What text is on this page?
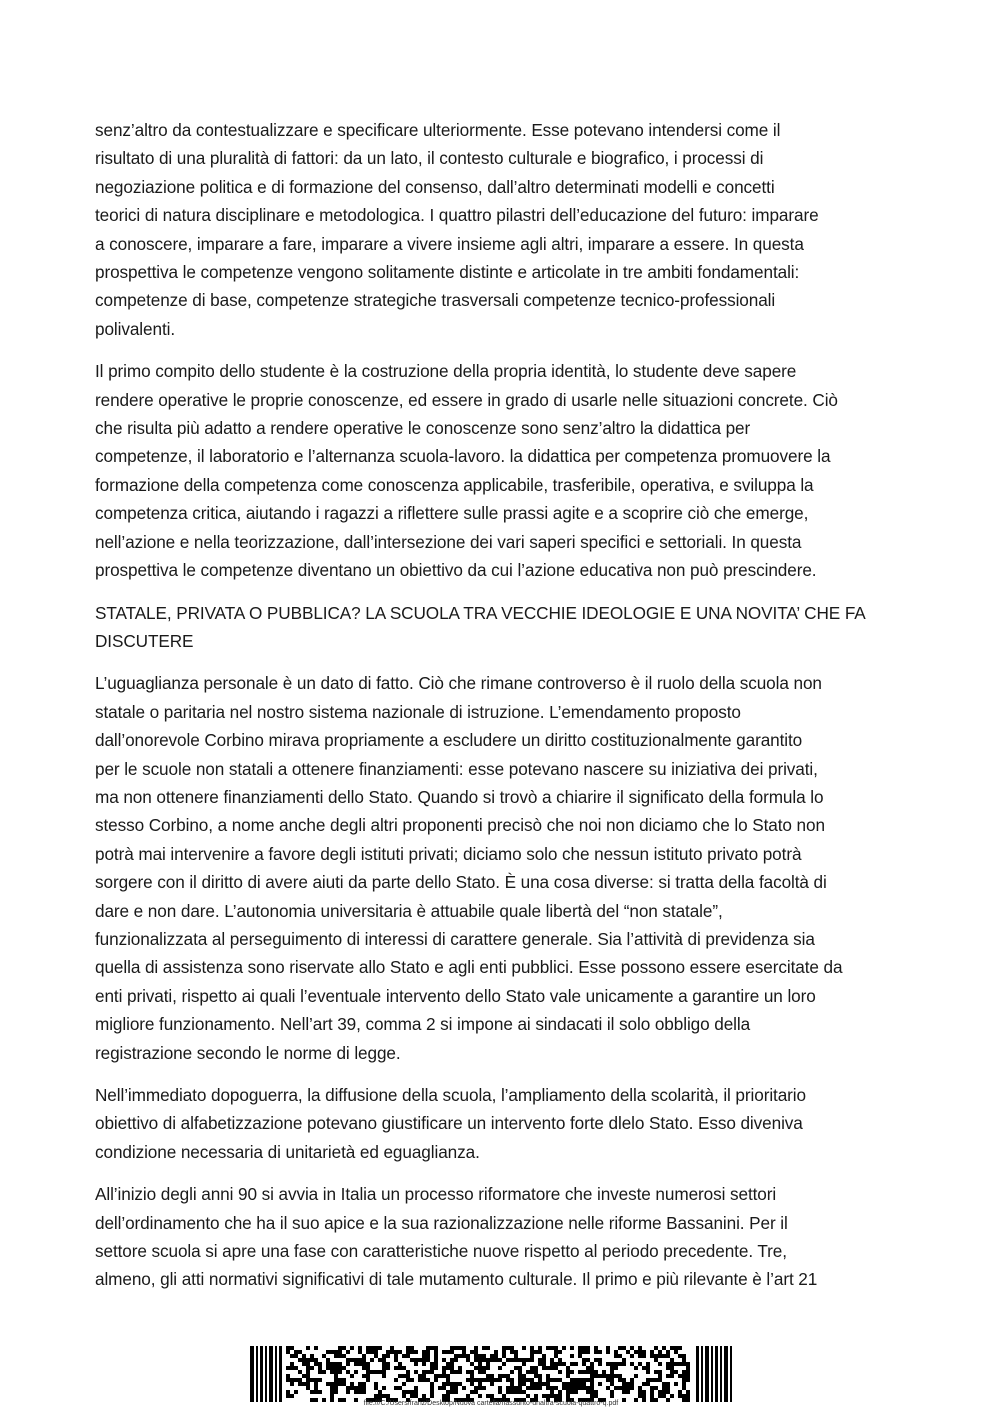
senz’altro da contestualizzare e specificare ulteriormente. Esse potevano intendersi come il
risultato di una pluralità di fattori: da un lato, il contesto culturale e biografico, i processi di
negoziazione politica e di formazione del consenso, dall’altro determinati modelli e concetti
teorici di natura disciplinare e metodologica. I quattro pilastri dell’educazione del futuro: imparare
a conoscere, imparare a fare, imparare a vivere insieme agli altri, imparare a essere. In questa
prospettiva le competenze vengono solitamente distinte e articolate in tre ambiti fondamentali:
competenze di base, competenze strategiche trasversali competenze tecnico-professionali
polivalenti.

Il primo compito dello studente è la costruzione della propria identità, lo studente deve sapere
rendere operative le proprie conoscenze, ed essere in grado di usarle nelle situazioni concrete. Ciò
che risulta più adatto a rendere operative le conoscenze sono senz’altro la didattica per
competenze, il laboratorio e l’alternanza scuola-lavoro. la didattica per competenza promuovere la
formazione della competenza come conoscenza applicabile, trasferibile, operativa, e sviluppa la
competenza critica, aiutando i ragazzi a riflettere sulle prassi agite e a scoprire ciò che emerge,
nell’azione e nella teorizzazione, dall’intersezione dei vari saperi specifici e settoriali. In questa
prospettiva le competenze diventano un obiettivo da cui l’azione educativa non può prescindere.

STATALE, PRIVATA O PUBBLICA? LA SCUOLA TRA VECCHIE IDEOLOGIE E UNA NOVITA’ CHE FA
DISCUTERE

L’uguaglianza personale è un dato di fatto. Ciò che rimane controverso è il ruolo della scuola non
statale o paritaria nel nostro sistema nazionale di istruzione. L’emendamento proposto
dall’onorevole Corbino mirava propriamente a escludere un diritto costituzionalmente garantito
per le scuole non statali a ottenere finanziamenti: esse potevano nascere su iniziativa dei privati,
ma non ottenere finanziamenti dello Stato. Quando si trovò a chiarire il significato della formula lo
stesso Corbino, a nome anche degli altri proponenti precisò che noi non diciamo che lo Stato non
potrà mai intervenire a favore degli istituti privati; diciamo solo che nessun istituto privato potrà
sorgere con il diritto di avere aiuti da parte dello Stato. È una cosa diverse: si tratta della facoltà di
dare e non dare. L’autonomia universitaria è attuabile quale libertà del “non statale”,
funzionalizzata al perseguimento di interessi di carattere generale. Sia l’attività di previdenza sia
quella di assistenza sono riservate allo Stato e agli enti pubblici. Esse possono essere esercitate da
enti privati, rispetto ai quali l’eventuale intervento dello Stato vale unicamente a garantire un loro
migliore funzionamento. Nell’art 39, comma 2 si impone ai sindacati il solo obbligo della
registrazione secondo le norme di legge.

Nell’immediato dopoguerra, la diffusione della scuola, l’ampliamento della scolarità, il prioritario
obiettivo di alfabetizzazione potevano giustificare un intervento forte dlelo Stato. Esso diveniva
condizione necessaria di unitarietà ed eguaglianza.

All’inizio degli anni 90 si avvia in Italia un processo riformatore che investe numerosi settori
dell’ordinamento che ha il suo apice e la sua razionalizzazione nelle riforme Bassanini. Per il
settore scuola si apre una fase con caratteristiche nuove rispetto al periodo precedente. Tre,
almeno, gli atti normativi significativi di tale mutamento culturale. Il primo e più rilevante è l’art 21

file:///C:/Users/franz/Desktop/Nuova cartella/riassunto-unaltra-scuola-quattro-q.pdf
